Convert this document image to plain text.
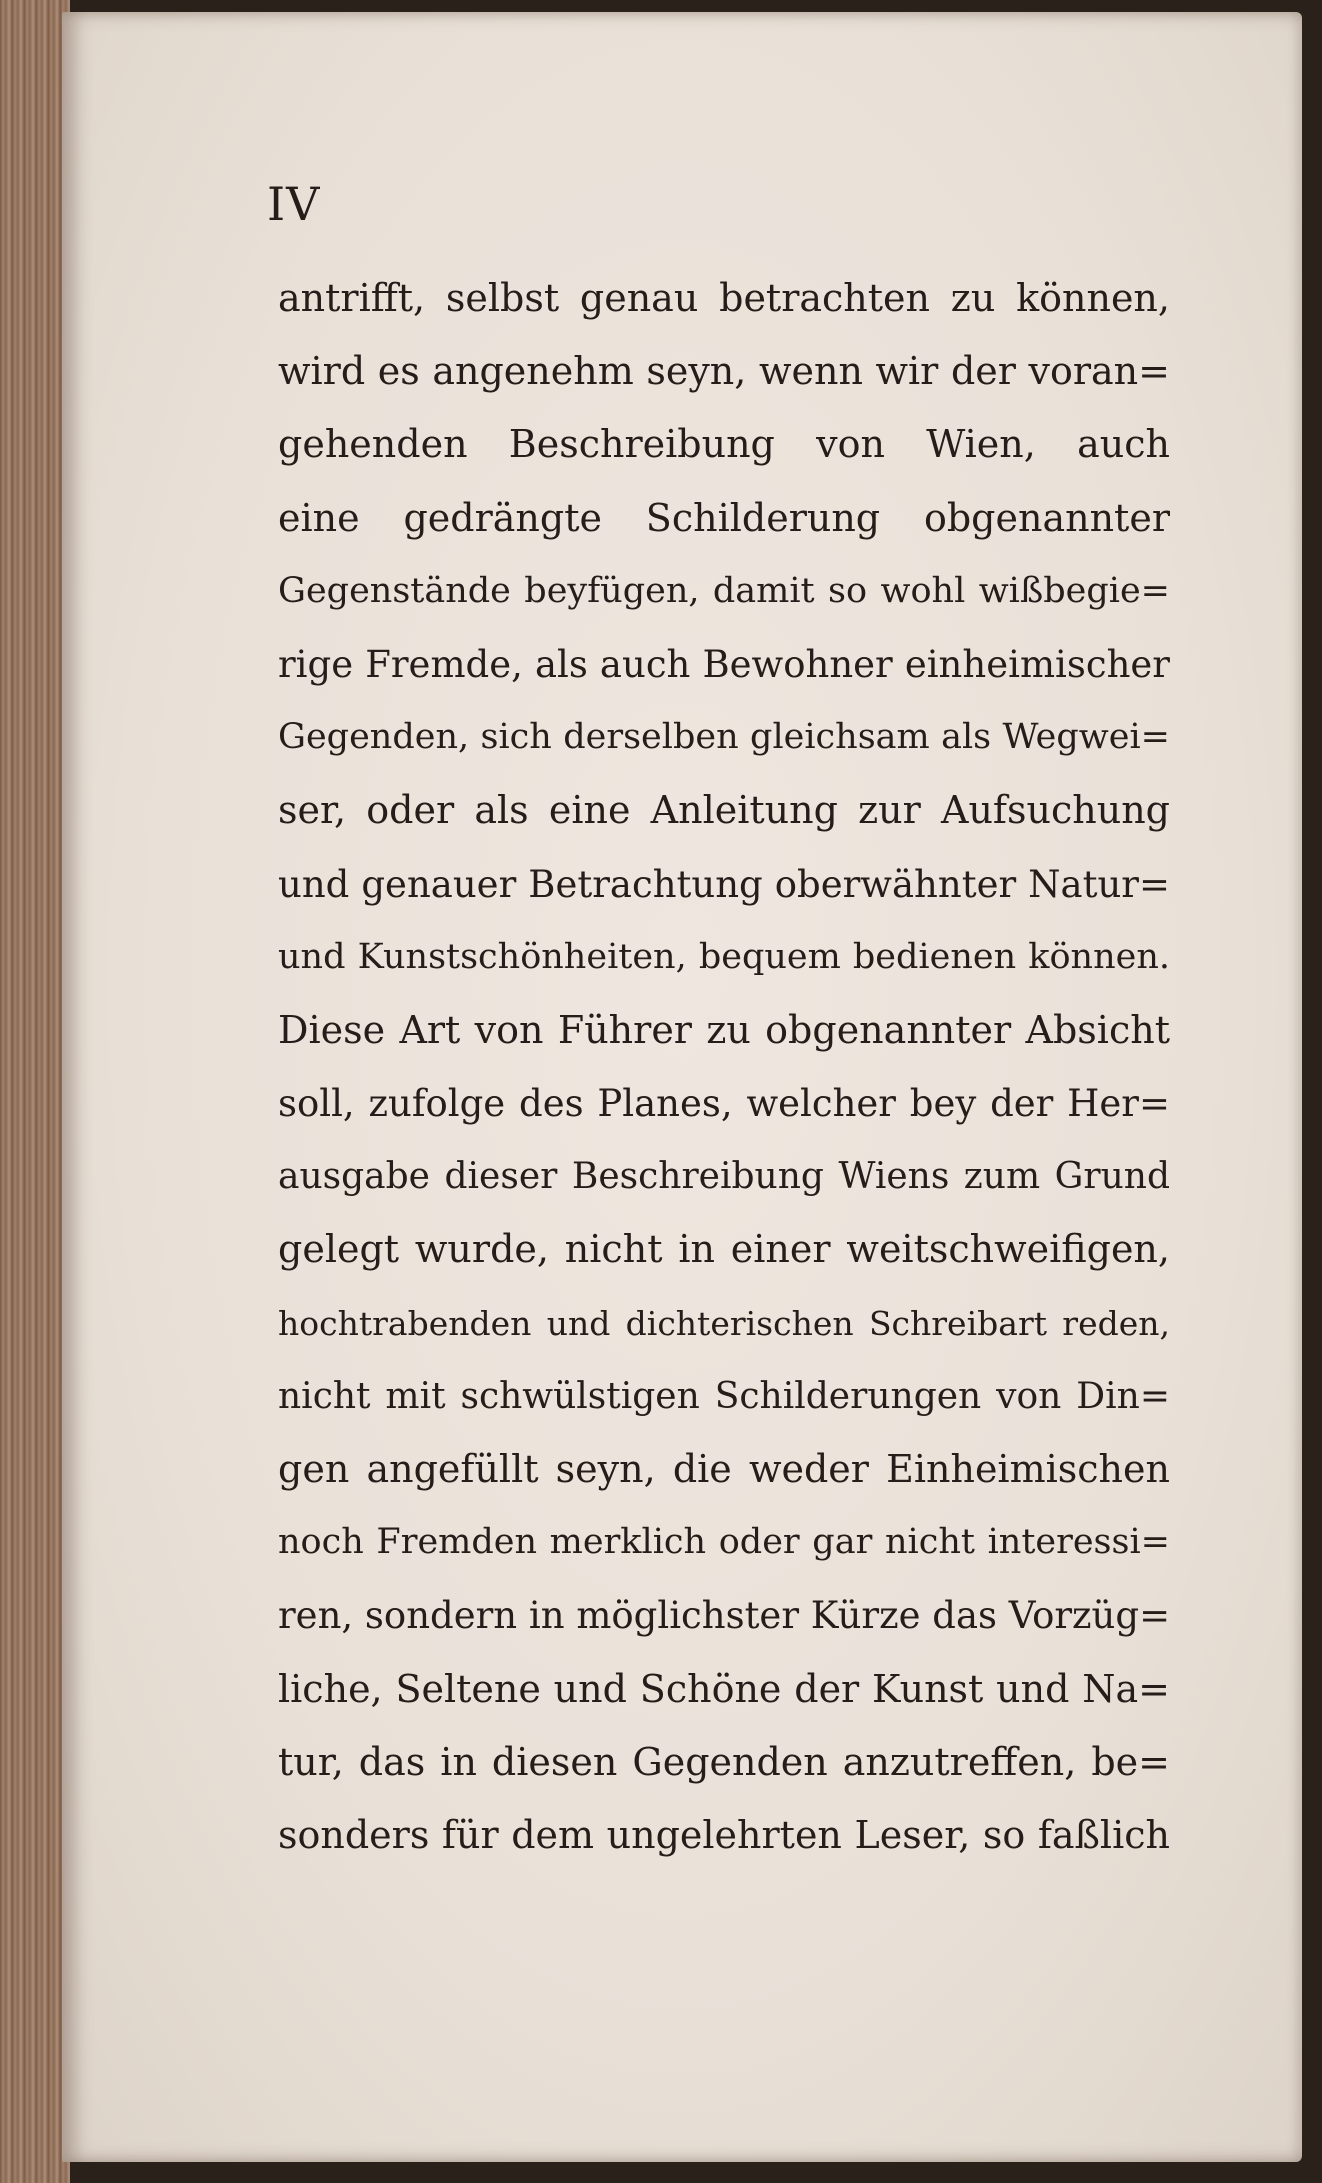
IV
antrifft, selbst genau betrachten zu können,
wird es angenehm seyn, wenn wir der voran=
gehenden Beschreibung von Wien, auch
eine gedrängte Schilderung obgenannter
Gegenstände beyfügen, damit so wohl wißbegie=
rige Fremde, als auch Bewohner einheimischer
Gegenden, sich derselben gleichsam als Wegwei=
ser, oder als eine Anleitung zur Aufsuchung
und genauer Betrachtung oberwähnter Natur=
und Kunstschönheiten, bequem bedienen können.
Diese Art von Führer zu obgenannter Absicht
soll, zufolge des Planes, welcher bey der Her=
ausgabe dieser Beschreibung Wiens zum Grund
gelegt wurde, nicht in einer weitschweifigen,
hochtrabenden und dichterischen Schreibart reden,
nicht mit schwülstigen Schilderungen von Din=
gen angefüllt seyn, die weder Einheimischen
noch Fremden merklich oder gar nicht interessi=
ren, sondern in möglichster Kürze das Vorzüg=
liche, Seltene und Schöne der Kunst und Na=
tur, das in diesen Gegenden anzutreffen, be=
sonders für dem ungelehrten Leser, so faßlich
